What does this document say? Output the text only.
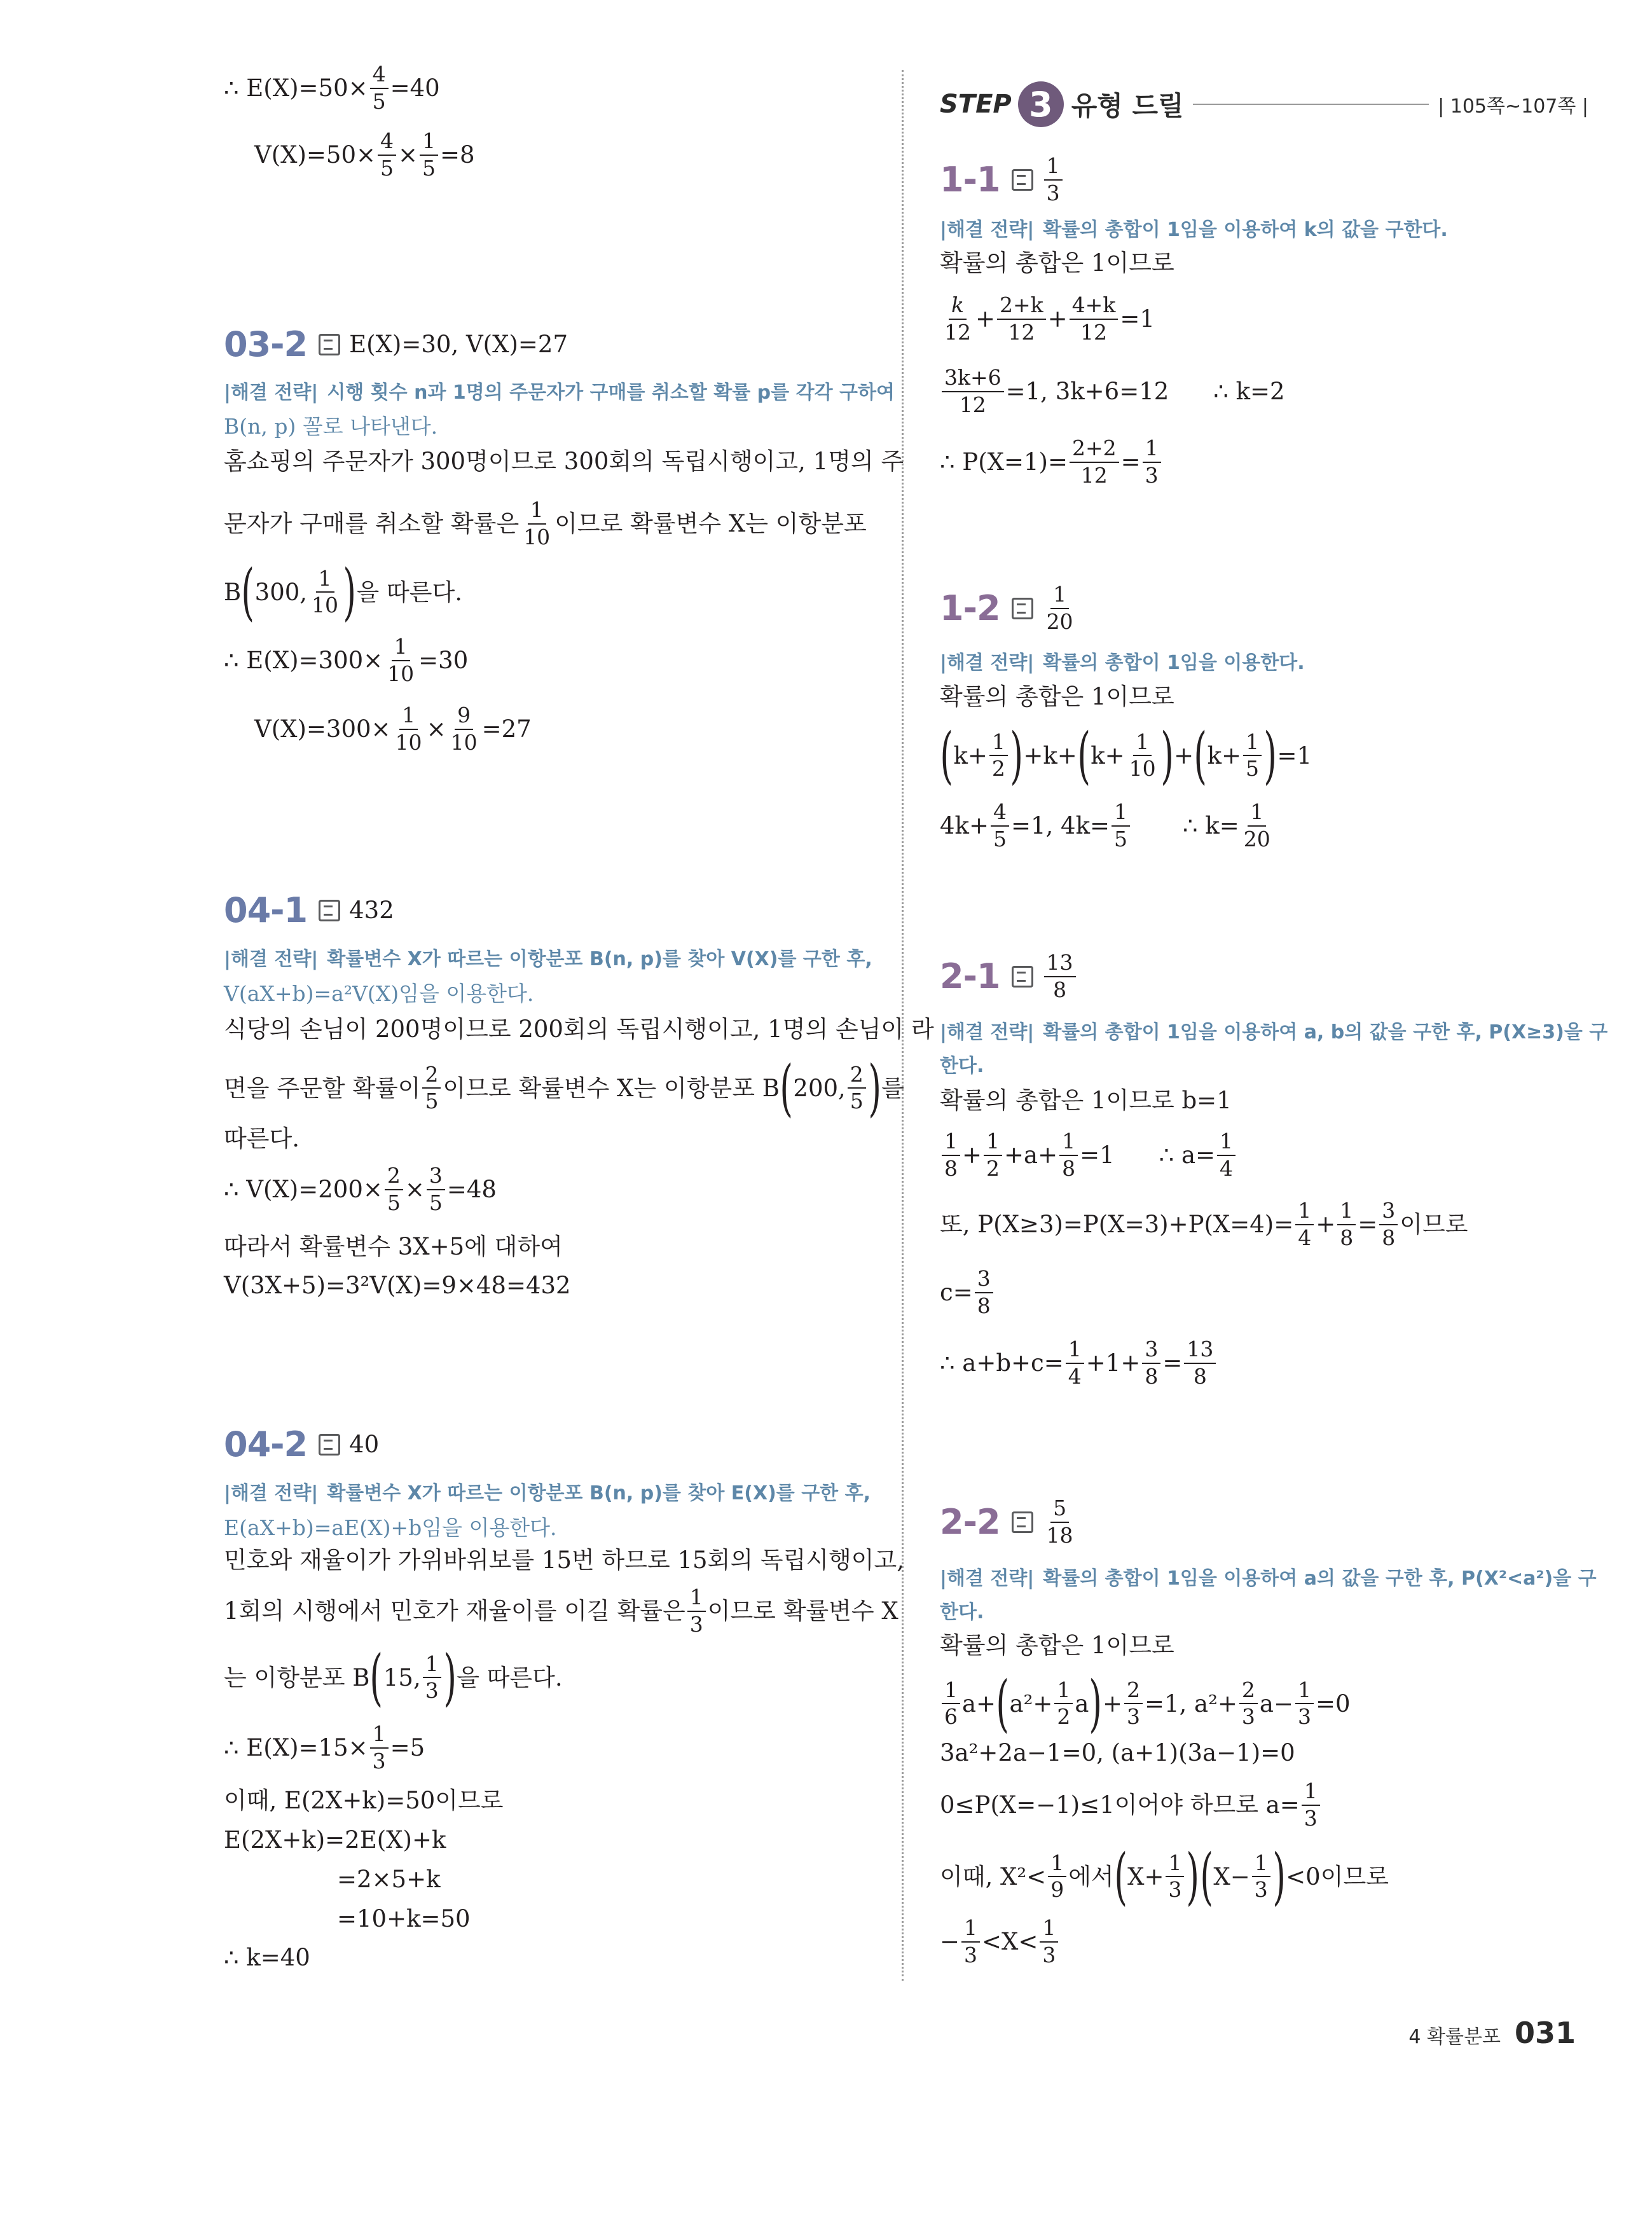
∴ $E(X)=50\times \frac{4}{5} =40$
$V(X)=50\times \frac{4}{5} \times \frac{1}{5} =8$
03-2 E(X)=30, V(X)=27
|해결 전략| 시행 횟수 n과 1명의 주문자가 구매를 취소할 확률 p를 각각 구하여
B(n, p) 꼴로 나타낸다.
홈쇼핑의 주문자가 300명이므로 300회의 독립시행이고, 1명의 주
문자가 구매를 취소할 확률은 $\frac{1}{10}$ 이므로 확률변수 X는 이항분포
B ( 300, $\frac{1}{10}$ ) 을 따른다.
∴ $E(X)=300\times \frac{1}{10} =30$
$V(X)=300\times \frac{1}{10} \times \frac{9}{10} =27$
04-1 432
|해결 전략| 확률변수 X가 따르는 이항분포 B(n, p)를 찾아 V(X)를 구한 후,
V(aX+b)=a²V(X)임을 이용한다.
식당의 손님이 200명이므로 200회의 독립시행이고, 1명의 손님이 라
면을 주문할 확률이 $\frac{2}{5}$ 이므로 확률변수 X는 이항분포 B ( 200, $\frac{2}{5}$ ) 를
따른다.
∴ $V(X)=200\times \frac{2}{5} \times \frac{3}{5} =48$
따라서 확률변수 3X+5에 대하여
V(3X+5)=3²V(X)=9×48=432
04-2 40
|해결 전략| 확률변수 X가 따르는 이항분포 B(n, p)를 찾아 E(X)를 구한 후,
E(aX+b)=aE(X)+b임을 이용한다.
민호와 재율이가 가위바위보를 15번 하므로 15회의 독립시행이고,
1회의 시행에서 민호가 재율이를 이길 확률은 $\frac{1}{3}$ 이므로 확률변수 X
는 이항분포 B ( 15, $\frac{1}{3}$ ) 을 따른다.
∴ $E(X)=15\times \frac{1}{3} =5$
이때, E(2X+k)=50이므로
E(2X+k)=2E(X)+k
=2×5+k
=10+k=50
∴ k=40
STEP 3 유형 드릴	| 105쪽~107쪽 |
$1-1 \frac{1}{3}$
|해결 전략| 확률의 총합이 1임을 이용하여 k의 값을 구한다.
확률의 총합은 1이므로
$\frac{k}{12} + \frac{2+k}{12} + \frac{4+k}{12} =1$
$\frac{3k+6}{12} =1$, 3k+6=12 ∴ k=2
∴ $P(X=1)= \frac{2+2}{12} = \frac{1}{3}$
$1-2 \frac{1}{20}$
|해결 전략| 확률의 총합이 1임을 이용한다.
확률의 총합은 1이므로
( $k+ \frac{1}{2}$ ) +k+ ( $k+ \frac{1}{10}$ ) + ( $k+ \frac{1}{5}$ ) =1
$4k+ \frac{4}{5} =1$, $4k= \frac{1}{5}$ ∴ $k= \frac{1}{20}$
$2-1 \frac{13}{8}$
|해결 전략| 확률의 총합이 1임을 이용하여 a, b의 값을 구한 후, P(X≥3)을 구
한다.
확률의 총합은 1이므로 b=1
$\frac{1}{8} + \frac{1}{2} +a+ \frac{1}{8} =1$ ∴ $a= \frac{1}{4}$
또, $P(X\ge 3)=P(X=3)+P(X=4)= \frac{1}{4} + \frac{1}{8} = \frac{3}{8}$ 이므로
$c= \frac{3}{8}$
∴ $a+b+c= \frac{1}{4} +1+ \frac{3}{8} = \frac{13}{8}$
$2-2 \frac{5}{18}$
|해결 전략| 확률의 총합이 1임을 이용하여 a의 값을 구한 후, P(X²<a²)을 구
한다.
확률의 총합은 1이므로
$\frac{1}{6} a+$ ( $a^2+ \frac{1}{2}$ a ) + $\frac{2}{3} =1$, $a^2+ \frac{2}{3} a- \frac{1}{3} =0$
3a²+2a−1=0, (a+1)(3a−1)=0
0≤P(X=−1)≤1이어야 하므로 $a= \frac{1}{3}$
이때, $X^2< \frac{1}{9}$ 에서 ( $X+ \frac{1}{3}$ ) ( $X- \frac{1}{3}$ ) <0이므로
− $\frac{1}{3} <X< \frac{1}{3}$
4 확률분포 031
